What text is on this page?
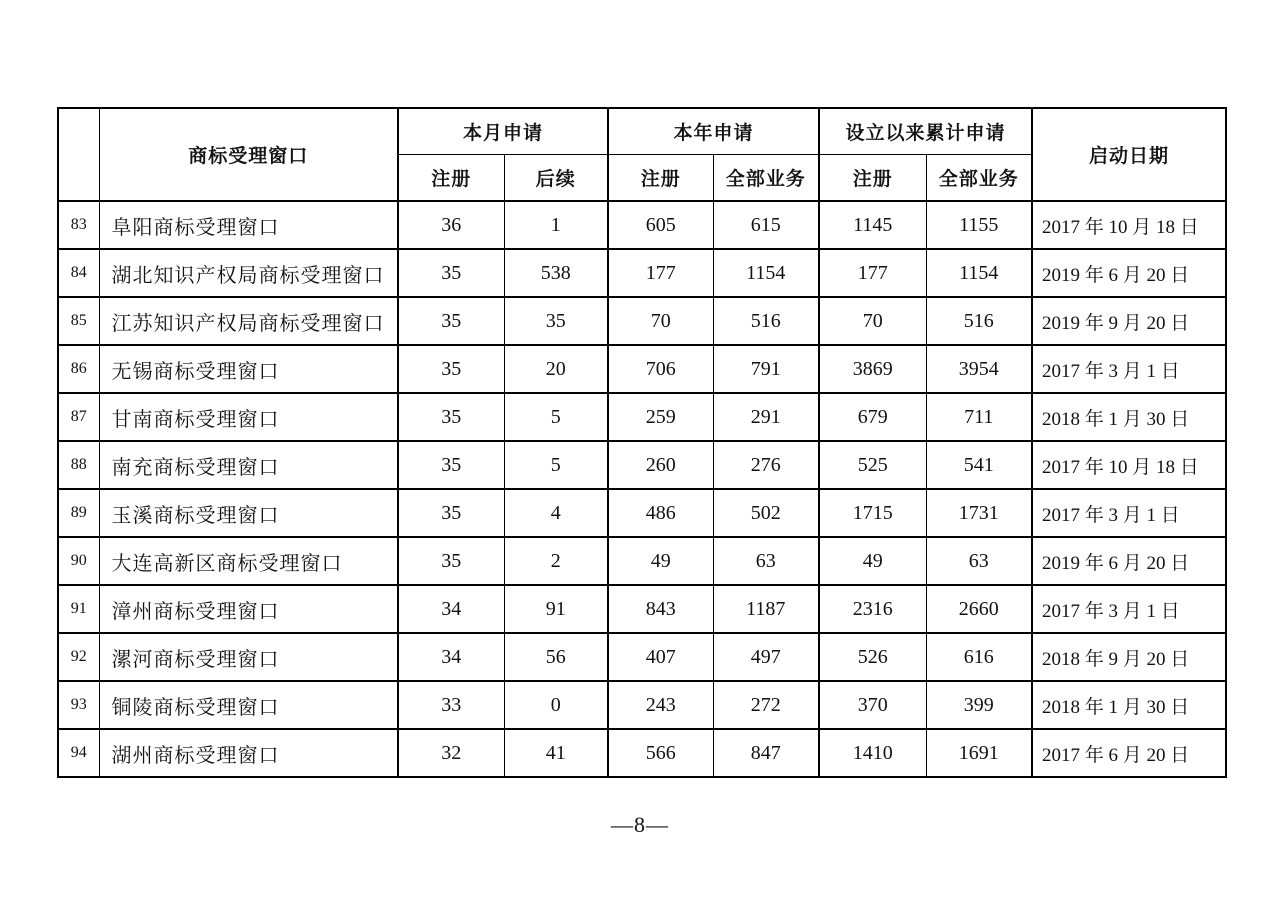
	商标受理窗口	本月申请		本年申请		设立以来累计申请		启动日期
		注册	后续	注册	全部业务	注册	全部业务	
83	阜阳商标受理窗口	36	1	605	615	1145	1155	2017 年 10 月 18 日
84	湖北知识产权局商标受理窗口	35	538	177	1154	177	1154	2019 年 6 月 20 日
85	江苏知识产权局商标受理窗口	35	35	70	516	70	516	2019 年 9 月 20 日
86	无锡商标受理窗口	35	20	706	791	3869	3954	2017 年 3 月 1 日
87	甘南商标受理窗口	35	5	259	291	679	711	2018 年 1 月 30 日
88	南充商标受理窗口	35	5	260	276	525	541	2017 年 10 月 18 日
89	玉溪商标受理窗口	35	4	486	502	1715	1731	2017 年 3 月 1 日
90	大连高新区商标受理窗口	35	2	49	63	49	63	2019 年 6 月 20 日
91	漳州商标受理窗口	34	91	843	1187	2316	2660	2017 年 3 月 1 日
92	漯河商标受理窗口	34	56	407	497	526	616	2018 年 9 月 20 日
93	铜陵商标受理窗口	33	0	243	272	370	399	2018 年 1 月 30 日
94	湖州商标受理窗口	32	41	566	847	1410	1691	2017 年 6 月 20 日
—8—
